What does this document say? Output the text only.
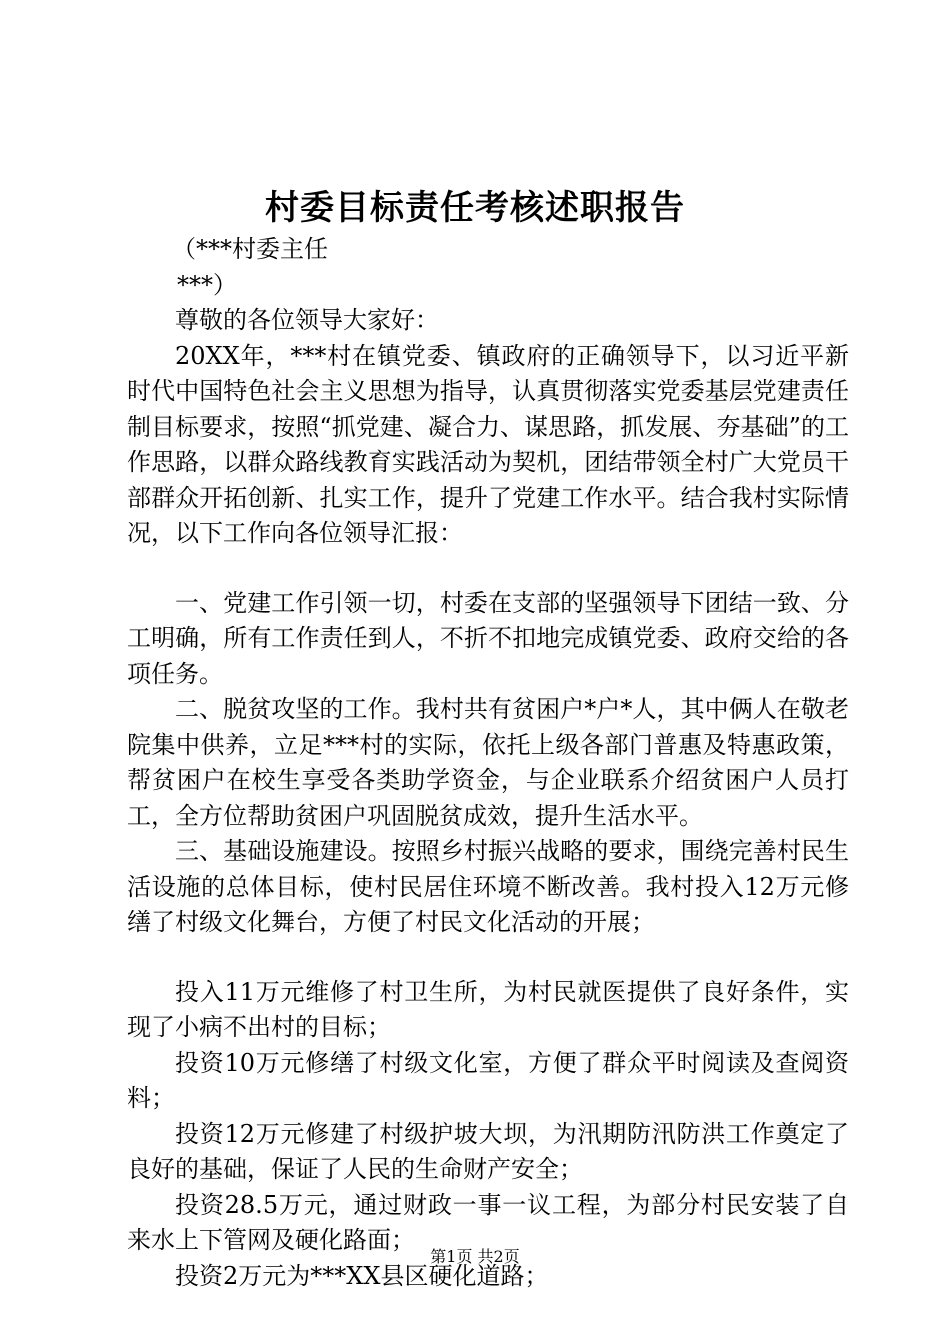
村委目标责任考核述职报告

（***村委主任

***）

尊敬的各位领导大家好：

20XX年，***村在镇党委、镇政府的正确领导下，以习近平新时代中国特色社会主义思想为指导，认真贯彻落实党委基层党建责任制目标要求，按照“抓党建、凝合力、谋思路，抓发展、夯基础”的工作思路，以群众路线教育实践活动为契机，团结带领全村广大党员干部群众开拓创新、扎实工作，提升了党建工作水平。结合我村实际情况，以下工作向各位领导汇报：

一、党建工作引领一切，村委在支部的坚强领导下团结一致、分工明确，所有工作责任到人，不折不扣地完成镇党委、政府交给的各项任务。

二、脱贫攻坚的工作。我村共有贫困户*户*人，其中俩人在敬老院集中供养，立足***村的实际，依托上级各部门普惠及特惠政策，帮贫困户在校生享受各类助学资金，与企业联系介绍贫困户人员打工，全方位帮助贫困户巩固脱贫成效，提升生活水平。

三、基础设施建设。按照乡村振兴战略的要求，围绕完善村民生活设施的总体目标，使村民居住环境不断改善。我村投入12万元修缮了村级文化舞台，方便了村民文化活动的开展；

投入11万元维修了村卫生所，为村民就医提供了良好条件，实现了小病不出村的目标；

投资10万元修缮了村级文化室，方便了群众平时阅读及查阅资料；

投资12万元修建了村级护坡大坝，为汛期防汛防洪工作奠定了良好的基础，保证了人民的生命财产安全；

投资28.5万元，通过财政一事一议工程，为部分村民安装了自来水上下管网及硬化路面；

投资2万元为***XX县区硬化道路；

第1页 共2页
